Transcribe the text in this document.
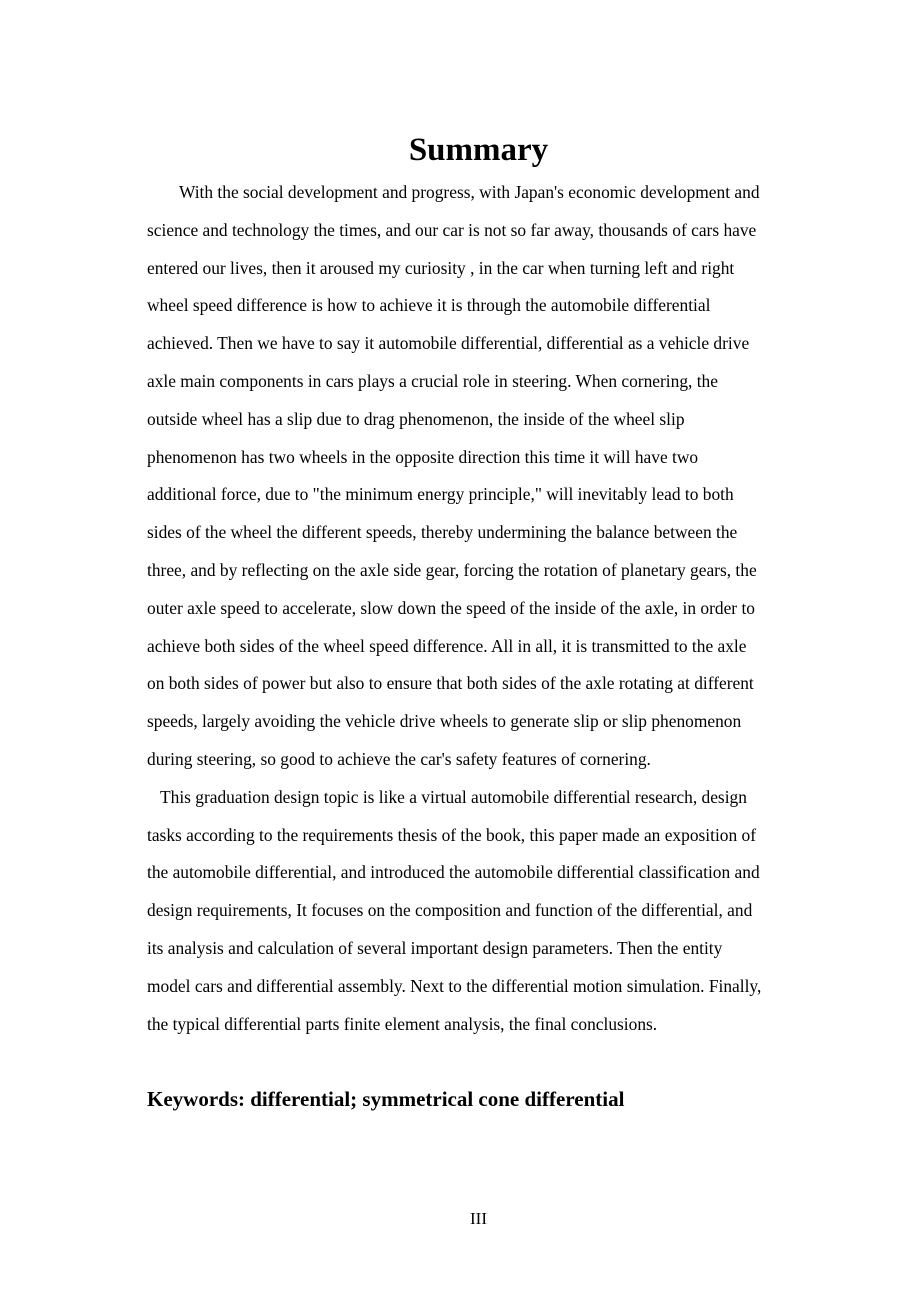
Summary

With the social development and progress, with Japan's economic development and
science and technology the times, and our car is not so far away, thousands of cars have
entered our lives, then it aroused my curiosity , in the car when turning left and right
wheel speed difference is how to achieve it is through the automobile differential
achieved. Then we have to say it automobile differential, differential as a vehicle drive
axle main components in cars plays a crucial role in steering. When cornering, the
outside wheel has a slip due to drag phenomenon, the inside of the wheel slip
phenomenon has two wheels in the opposite direction this time it will have two
additional force, due to "the minimum energy principle," will inevitably lead to both
sides of the wheel the different speeds, thereby undermining the balance between the
three, and by reflecting on the axle side gear, forcing the rotation of planetary gears, the
outer axle speed to accelerate, slow down the speed of the inside of the axle, in order to
achieve both sides of the wheel speed difference. All in all, it is transmitted to the axle
on both sides of power but also to ensure that both sides of the axle rotating at different
speeds, largely avoiding the vehicle drive wheels to generate slip or slip phenomenon
during steering, so good to achieve the car's safety features of cornering.

This graduation design topic is like a virtual automobile differential research, design
tasks according to the requirements thesis of the book, this paper made an exposition of
the automobile differential, and introduced the automobile differential classification and
design requirements, It focuses on the composition and function of the differential, and
its analysis and calculation of several important design parameters. Then the entity
model cars and differential assembly. Next to the differential motion simulation. Finally,
the typical differential parts finite element analysis, the final conclusions.

Keywords: differential; symmetrical cone differential

III
